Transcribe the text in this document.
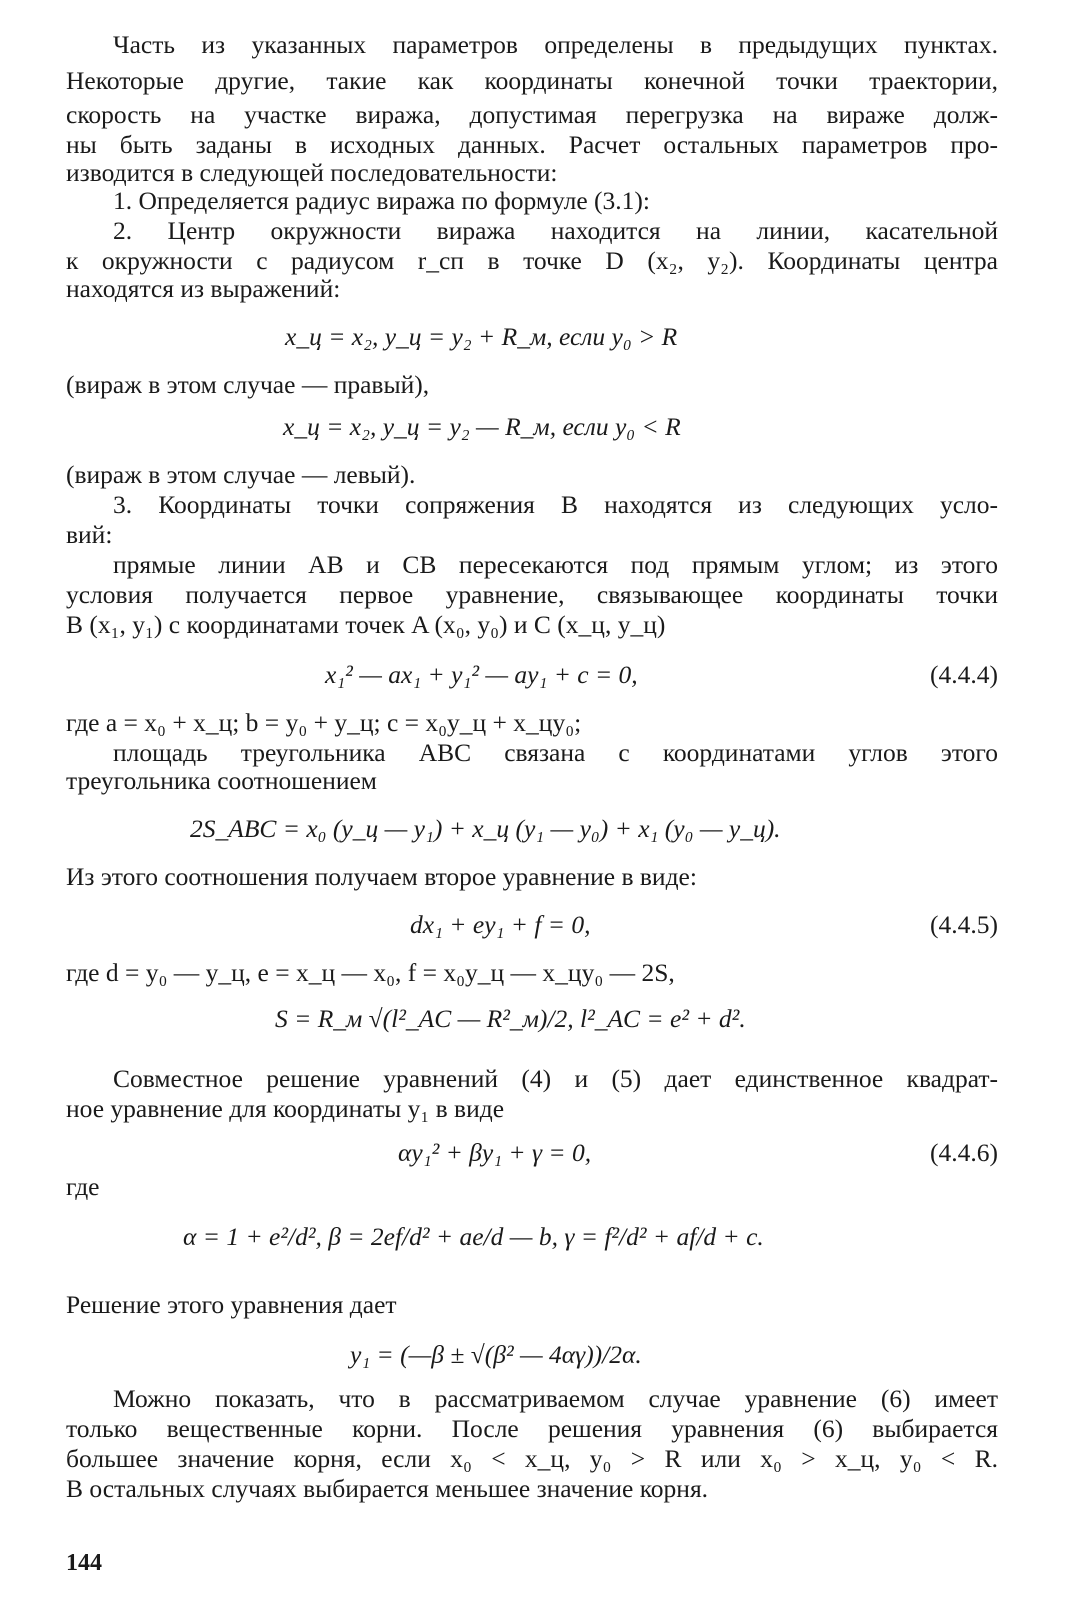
Часть из указанных параметров определены в предыдущих пунктах.
Некоторые другие, такие как координаты конечной точки траектории,
скорость на участке виража, допустимая перегрузка на вираже долж-
ны быть заданы в исходных данных. Расчет остальных параметров про-
изводится в следующей последовательности:
1. Определяется радиус виража по формуле (3.1):
2. Центр окружности виража находится на линии, касательной
к окружности с радиусом r_сп в точке D (x₂, y₂). Координаты центра
находятся из выражений:
x_ц = x₂, y_ц = y₂ + R_м, если y₀ > R
(вираж в этом случае — правый),
x_ц = x₂, y_ц = y₂ — R_м, если y₀ < R
(вираж в этом случае — левый).
3. Координаты точки сопряжения B находятся из следующих усло-
вий:
прямые линии AB и CB пересекаются под прямым углом; из этого
условия получается первое уравнение, связывающее координаты точки
B (x₁, y₁) с координатами точек A (x₀, y₀) и C (x_ц, y_ц)
x₁² — ax₁ + y₁² — ay₁ + c = 0,	(4.4.4)
где a = x₀ + x_ц; b = y₀ + y_ц; c = x₀y_ц + x_цy₀;
площадь треугольника ABC связана с координатами углов этого
треугольника соотношением
2S_ABC = x₀ (y_ц — y₁) + x_ц (y₁ — y₀) + x₁ (y₀ — y_ц).
Из этого соотношения получаем второе уравнение в виде:
dx₁ + ey₁ + f = 0,	(4.4.5)
где d = y₀ — y_ц, e = x_ц — x₀, f = x₀y_ц — x_цy₀ — 2S,
S = R_м √(l²_AC — R²_м)/2, l²_AC = e² + d².
Совместное решение уравнений (4) и (5) дает единственное квадрат-
ное уравнение для координаты y₁ в виде
αy₁² + βy₁ + γ = 0,	(4.4.6)
где
α = 1 + e²/d², β = 2ef/d² + ae/d — b, γ = f²/d² + af/d + c.
Решение этого уравнения дает
y₁ = (—β ± √(β² — 4αγ))/2α.
Можно показать, что в рассматриваемом случае уравнение (6) имеет
только вещественные корни. После решения уравнения (6) выбирается
большее значение корня, если x₀ < x_ц, y₀ > R или x₀ > x_ц, y₀ < R.
В остальных случаях выбирается меньшее значение корня.
144
